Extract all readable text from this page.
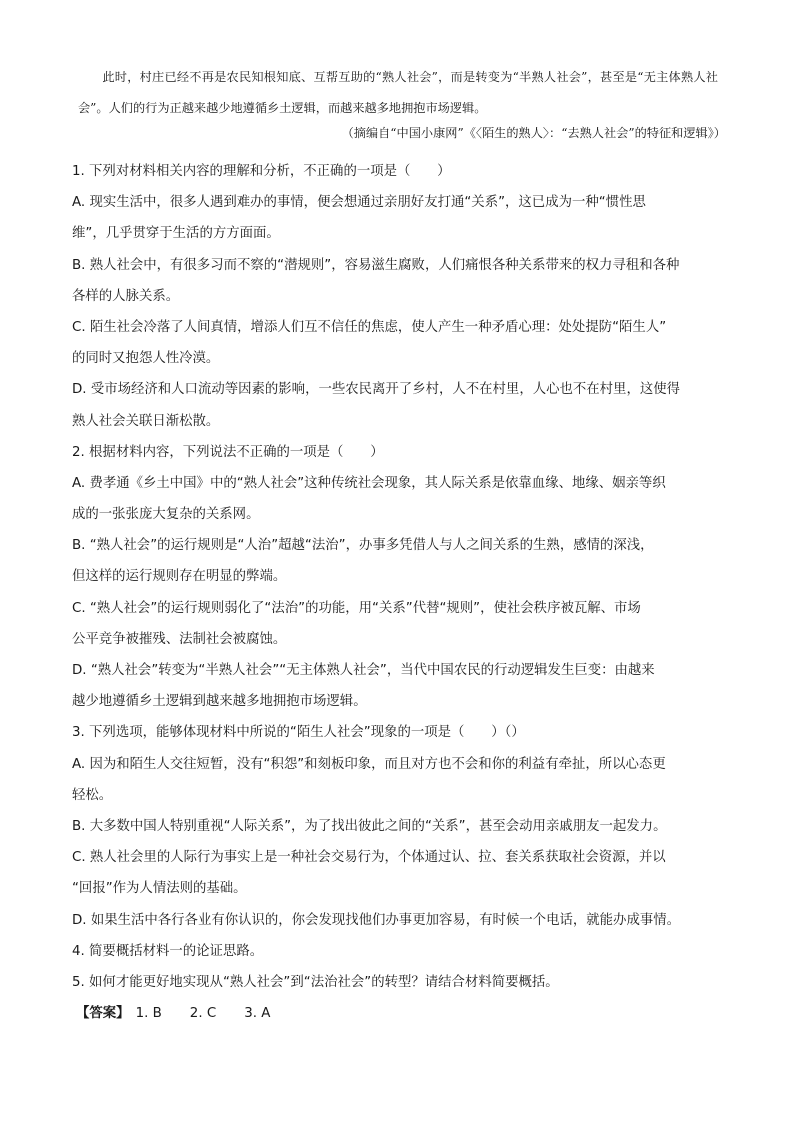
此时，村庄已经不再是农民知根知底、互帮互助的“熟人社会”，而是转变为“半熟人社会”，甚至是“无主体熟人社会”。人们的行为正越来越少地遵循乡土逻辑，而越来越多地拥抱市场逻辑。

（摘编自“中国小康网”《〈陌生的熟人〉：“去熟人社会”的特征和逻辑》）
1. 下列对材料相关内容的理解和分析，不正确的一项是（　　）
A. 现实生活中，很多人遇到难办的事情，便会想通过亲朋好友打通“关系”，这已成为一种“惯性思
维”，几乎贯穿于生活的方方面面。
B. 熟人社会中，有很多习而不察的“潜规则”，容易滋生腐败，人们痛恨各种关系带来的权力寻租和各种
各样的人脉关系。
C. 陌生社会冷落了人间真情，增添人们互不信任的焦虑，使人产生一种矛盾心理：处处提防“陌生人”
的同时又抱怨人性冷漠。
D. 受市场经济和人口流动等因素的影响，一些农民离开了乡村，人不在村里，人心也不在村里，这使得
熟人社会关联日渐松散。
2. 根据材料内容，下列说法不正确的一项是（　　）
A. 费孝通《乡土中国》中的“熟人社会”这种传统社会现象，其人际关系是依靠血缘、地缘、姻亲等织
成的一张张庞大复杂的关系网。
B. “熟人社会”的运行规则是“人治”超越“法治”，办事多凭借人与人之间关系的生熟，感情的深浅，
但这样的运行规则存在明显的弊端。
C. “熟人社会”的运行规则弱化了“法治”的功能，用“关系”代替“规则”，使社会秩序被瓦解、市场
公平竞争被摧残、法制社会被腐蚀。
D. “熟人社会”转变为“半熟人社会”“无主体熟人社会”，当代中国农民的行动逻辑发生巨变：由越来
越少地遵循乡土逻辑到越来越多地拥抱市场逻辑。
3. 下列选项，能够体现材料中所说的“陌生人社会”现象的一项是（　　）（）
A. 因为和陌生人交往短暂，没有“积怨”和刻板印象，而且对方也不会和你的利益有牵扯，所以心态更
轻松。
B. 大多数中国人特别重视“人际关系”，为了找出彼此之间的“关系”，甚至会动用亲戚朋友一起发力。
C. 熟人社会里的人际行为事实上是一种社会交易行为，个体通过认、拉、套关系获取社会资源，并以
“回报”作为人情法则的基础。
D. 如果生活中各行各业有你认识的，你会发现找他们办事更加容易，有时候一个电话，就能办成事情。
4. 简要概括材料一的论证思路。
5. 如何才能更好地实现从“熟人社会”到“法治社会”的转型？请结合材料简要概括。
【答案】 1. B 2. C 3. A
